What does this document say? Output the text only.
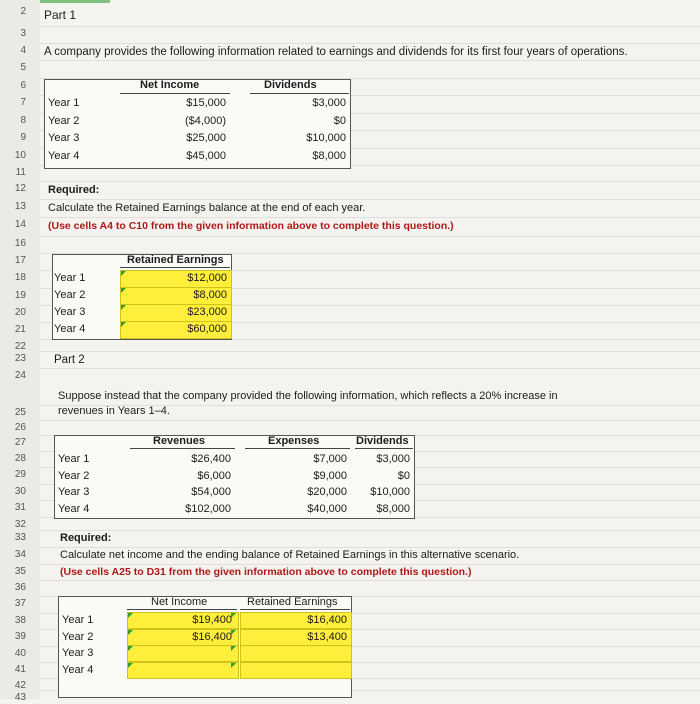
2
3
4
5
6
7
8
9
10
11
12
13
14
16
17
18
19
20
21
22
23
24
25
26
27
28
29
30
31
32
33
34
35
36
37
38
39
40
41
42
43
Part 1
A company provides the following information related to earnings and dividends for its first four years of operations.
Net Income	Dividends
Year 1	$15,000	$3,000
Year 2	($4,000)	$0
Year 3	$25,000	$10,000
Year 4	$45,000	$8,000
Required:
Calculate the Retained Earnings balance at the end of each year.
(Use cells A4 to C10 from the given information above to complete this question.)
Retained Earnings
Year 1	$12,000
Year 2	$8,000
Year 3	$23,000
Year 4	$60,000
Part 2
Suppose instead that the company provided the following information, which reflects a 20% increase in
revenues in Years 1–4.
Revenues	Expenses	Dividends
Year 1	$26,400	$7,000	$3,000
Year 2	$6,000	$9,000	$0
Year 3	$54,000	$20,000	$10,000
Year 4	$102,000	$40,000	$8,000
Required:
Calculate net income and the ending balance of Retained Earnings in this alternative scenario.
(Use cells A25 to D31 from the given information above to complete this question.)
Net Income	Retained Earnings
Year 1	$19,400	$16,400
Year 2	$16,400	$13,400
Year 3
Year 4
